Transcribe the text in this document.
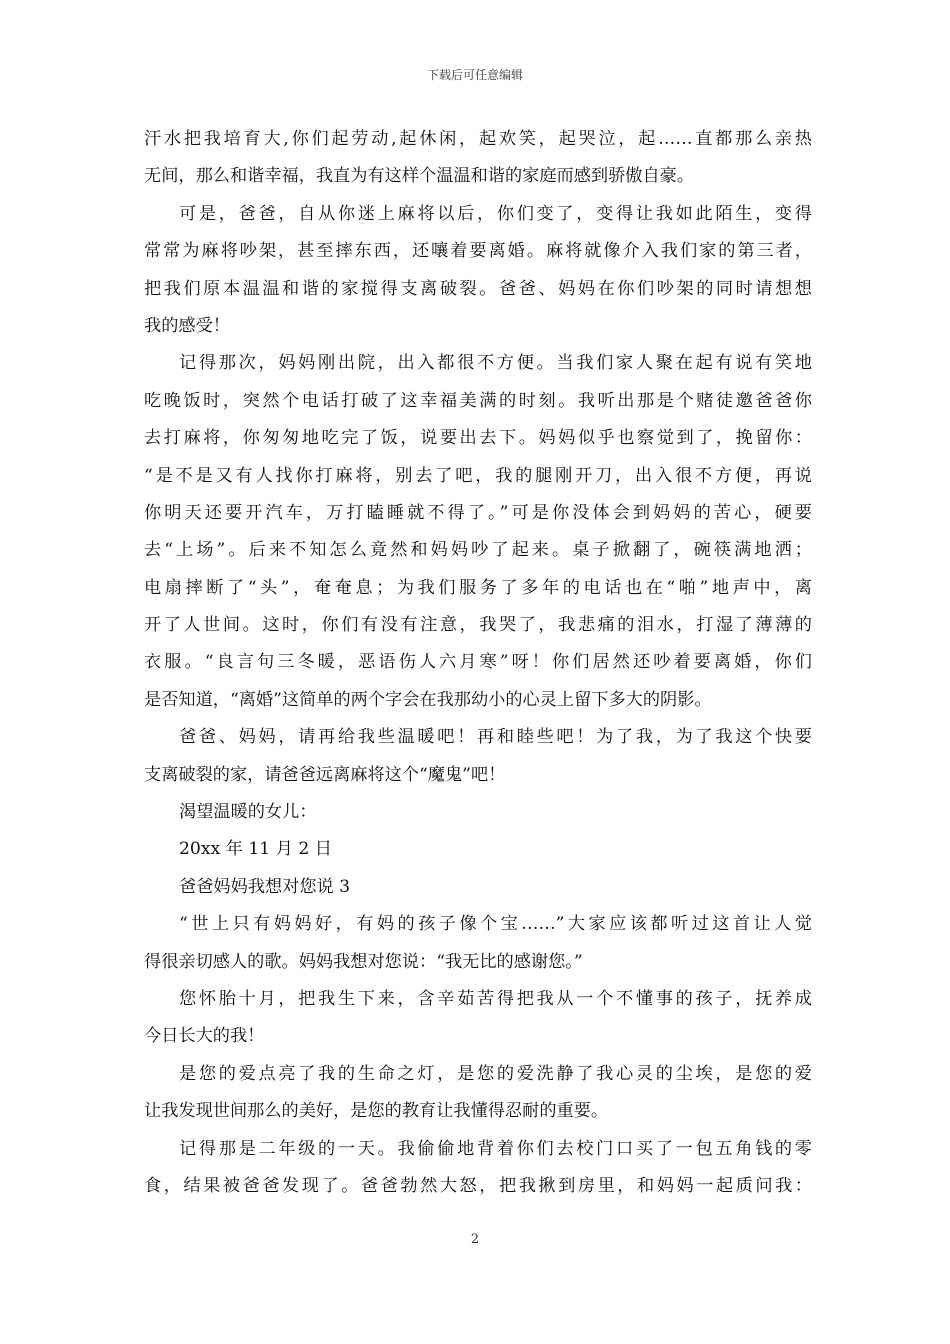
下载后可任意编辑
汗水把我培育大,你们起劳动,起休闲，起欢笑，起哭泣，起……直都那么亲热
无间，那么和谐幸福，我直为有这样个温温和谐的家庭而感到骄傲自豪。
可是，爸爸，自从你迷上麻将以后，你们变了，变得让我如此陌生，变得
常常为麻将吵架，甚至摔东西，还嚷着要离婚。麻将就像介入我们家的第三者，
把我们原本温温和谐的家搅得支离破裂。爸爸、妈妈在你们吵架的同时请想想
我的感受！
记得那次，妈妈刚出院，出入都很不方便。当我们家人聚在起有说有笑地
吃晚饭时，突然个电话打破了这幸福美满的时刻。我听出那是个赌徒邀爸爸你
去打麻将，你匆匆地吃完了饭，说要出去下。妈妈似乎也察觉到了，挽留你：
“是不是又有人找你打麻将，别去了吧，我的腿刚开刀，出入很不方便，再说
你明天还要开汽车，万打瞌睡就不得了。”可是你没体会到妈妈的苦心，硬要
去“上场”。后来不知怎么竟然和妈妈吵了起来。桌子掀翻了，碗筷满地洒；
电扇摔断了“头”，奄奄息；为我们服务了多年的电话也在“啪”地声中，离
开了人世间。这时，你们有没有注意，我哭了，我悲痛的泪水，打湿了薄薄的
衣服。“良言句三冬暖，恶语伤人六月寒”呀！你们居然还吵着要离婚，你们
是否知道，“离婚”这简单的两个字会在我那幼小的心灵上留下多大的阴影。
爸爸、妈妈，请再给我些温暖吧！再和睦些吧！为了我，为了我这个快要
支离破裂的家，请爸爸远离麻将这个“魔鬼”吧！
渴望温暖的女儿：
20xx 年 11 月 2 日
爸爸妈妈我想对您说 3
“世上只有妈妈好，有妈的孩子像个宝……”大家应该都听过这首让人觉
得很亲切感人的歌。妈妈我想对您说：“我无比的感谢您。”
您怀胎十月，把我生下来，含辛茹苦得把我从一个不懂事的孩子，抚养成
今日长大的我！
是您的爱点亮了我的生命之灯，是您的爱洗静了我心灵的尘埃，是您的爱
让我发现世间那么的美好，是您的教育让我懂得忍耐的重要。
记得那是二年级的一天。我偷偷地背着你们去校门口买了一包五角钱的零
食，结果被爸爸发现了。爸爸勃然大怒，把我揪到房里，和妈妈一起质问我：
2
